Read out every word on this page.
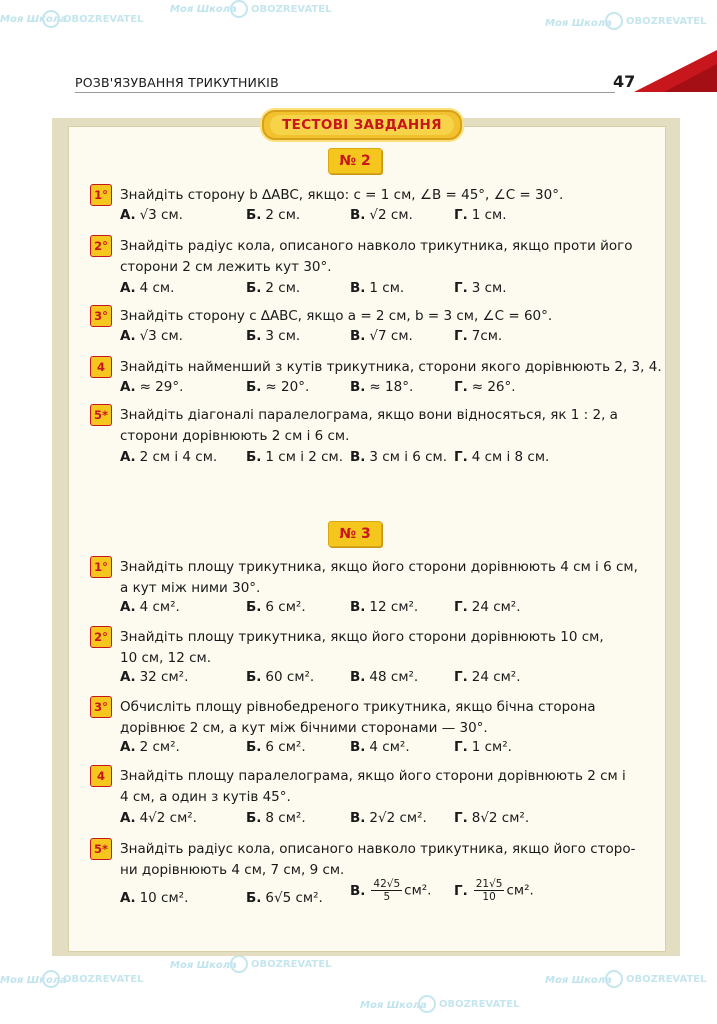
Моя Школа
OBOZREVATEL
Моя Школа	OBOZREVATEL
Моя Школа	OBOZREVATEL
Моя Школа
OBOZREVATEL
Моя Школа	OBOZREVATEL
Моя Школа	OBOZREVATEL
Моя Школа	OBOZREVATEL
РОЗВ'ЯЗУВАННЯ ТРИКУТНИКІВ	47
ТЕСТОВІ ЗАВДАННЯ
№ 2
1° Знайдіть сторону b ∆ABC, якщо: c = 1 см, ∠B = 45°, ∠C = 30°.
А. √3 см.	Б. 2 см.	В. √2 см.	Г. 1 см.
2° Знайдіть радіус кола, описаного навколо трикутника, якщо проти його
сторони 2 см лежить кут 30°.
А. 4 см.	Б. 2 см.	В. 1 см.	Г. 3 см.
3° Знайдіть сторону c ∆ABC, якщо a = 2 см, b = 3 см, ∠C = 60°.
А. √3 см.	Б. 3 см.	В. √7 см.	Г. 7см.
4	Знайдіть найменший з кутів трикутника, сторони якого дорівнюють 2, 3, 4.
А. ≈ 29°.	Б. ≈ 20°.	В. ≈ 18°.	Г. ≈ 26°.
5* Знайдіть діагоналі паралелограма, якщо вони відносяться, як 1 : 2, а
сторони дорівнюють 2 см і 6 см.
А. 2 см і 4 см. Б. 1 см і 2 см. В. 3 см і 6 см. Г. 4 см і 8 см.
№ 3
1° Знайдіть площу трикутника, якщо його сторони дорівнюють 4 см і 6 см,
а кут між ними 30°.
А. 4 см².	Б. 6 см².	В. 12 см².	Г. 24 см².
2° Знайдіть площу трикутника, якщо його сторони дорівнюють 10 см,
10 см, 12 см.
А. 32 см².	Б. 60 см².	В. 48 см².	Г. 24 см².
3° Обчисліть площу рівнобедреного трикутника, якщо бічна сторона
дорівнює 2 см, а кут між бічними сторонами — 30°.
А. 2 см².	Б. 6 см².	В. 4 см².	Г. 1 см².
4	Знайдіть площу паралелограма, якщо його сторони дорівнюють 2 см і
4 см, а один з кутів 45°.
А. 4√2 см².	Б. 8 см².	В. 2√2 см². Г. 8√2 см².
5* Знайдіть радіус кола, описаного навколо трикутника, якщо його сторо-
ни дорівнюють 4 см, 7 см, 9 см.
А. 10 см².	Б. 6√5 см². В. $\frac{42√5}{5} см^2$. Г. $\frac{21√5}{10} см^2$.
